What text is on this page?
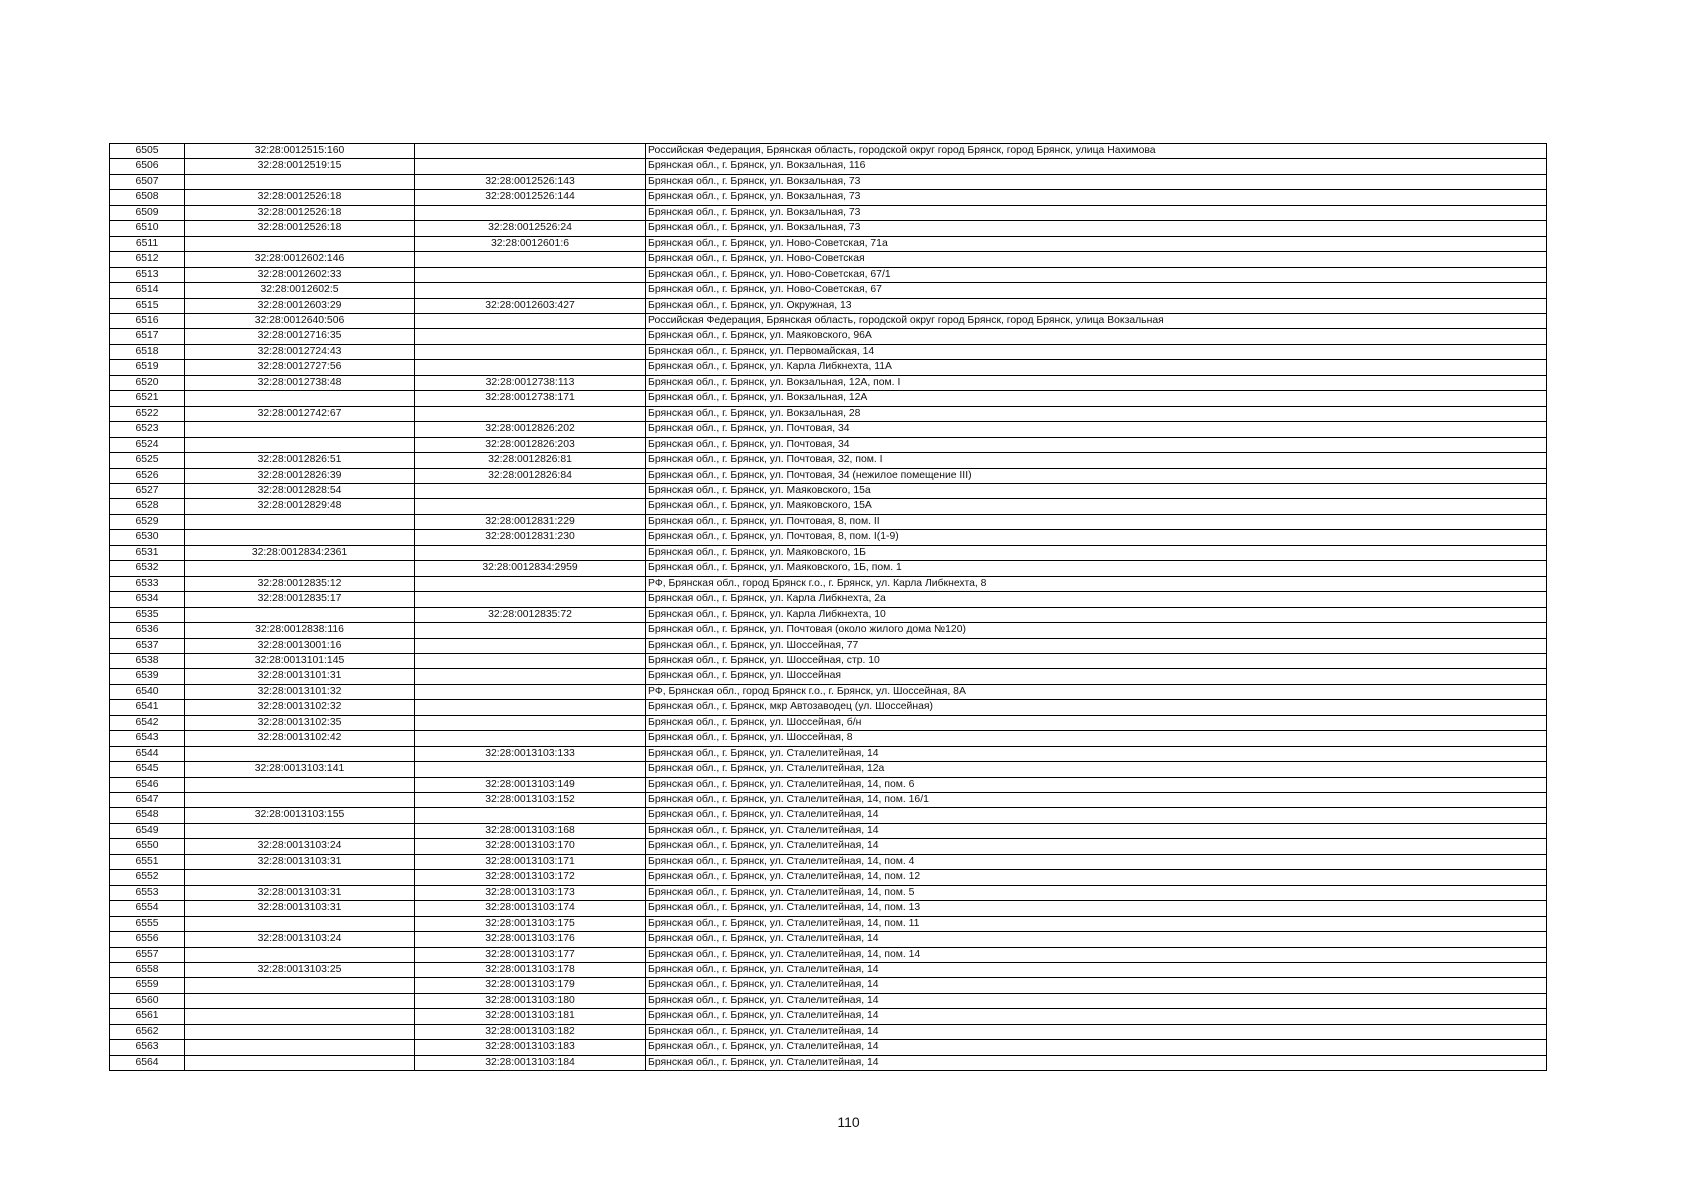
6505	32:28:0012515:160		Российская Федерация, Брянская область, городской округ город Брянск, город Брянск, улица Нахимова
6506	32:28:0012519:15		Брянская обл., г. Брянск, ул. Вокзальная, 116
6507		32:28:0012526:143	Брянская обл., г. Брянск, ул. Вокзальная, 73
6508	32:28:0012526:18	32:28:0012526:144	Брянская обл., г. Брянск, ул. Вокзальная, 73
6509	32:28:0012526:18		Брянская обл., г. Брянск, ул. Вокзальная, 73
6510	32:28:0012526:18	32:28:0012526:24	Брянская обл., г. Брянск, ул. Вокзальная, 73
6511		32:28:0012601:6	Брянская обл., г. Брянск, ул. Ново-Советская, 71а
6512	32:28:0012602:146		Брянская обл., г. Брянск, ул. Ново-Советская
6513	32:28:0012602:33		Брянская обл., г. Брянск, ул. Ново-Советская, 67/1
6514	32:28:0012602:5		Брянская обл., г. Брянск, ул. Ново-Советская, 67
6515	32:28:0012603:29	32:28:0012603:427	Брянская обл., г. Брянск, ул. Окружная, 13
6516	32:28:0012640:506		Российская Федерация, Брянская область, городской округ город Брянск, город Брянск, улица Вокзальная
6517	32:28:0012716:35		Брянская обл., г. Брянск, ул. Маяковского, 96А
6518	32:28:0012724:43		Брянская обл., г. Брянск, ул. Первомайская, 14
6519	32:28:0012727:56		Брянская обл., г. Брянск, ул. Карла Либкнехта, 11А
6520	32:28:0012738:48	32:28:0012738:113	Брянская обл., г. Брянск, ул. Вокзальная, 12А, пом. I
6521		32:28:0012738:171	Брянская обл., г. Брянск, ул. Вокзальная, 12А
6522	32:28:0012742:67		Брянская обл., г. Брянск, ул. Вокзальная, 28
6523		32:28:0012826:202	Брянская обл., г. Брянск, ул. Почтовая, 34
6524		32:28:0012826:203	Брянская обл., г. Брянск, ул. Почтовая, 34
6525	32:28:0012826:51	32:28:0012826:81	Брянская обл., г. Брянск, ул. Почтовая, 32, пом. I
6526	32:28:0012826:39	32:28:0012826:84	Брянская обл., г. Брянск, ул. Почтовая, 34 (нежилое помещение III)
6527	32:28:0012828:54		Брянская обл., г. Брянск, ул. Маяковского, 15а
6528	32:28:0012829:48		Брянская обл., г. Брянск, ул. Маяковского, 15А
6529		32:28:0012831:229	Брянская обл., г. Брянск, ул. Почтовая, 8, пом. II
6530		32:28:0012831:230	Брянская обл., г. Брянск, ул. Почтовая, 8, пом. I(1-9)
6531	32:28:0012834:2361		Брянская обл., г. Брянск, ул. Маяковского, 1Б
6532		32:28:0012834:2959	Брянская обл., г. Брянск, ул. Маяковского, 1Б, пом. 1
6533	32:28:0012835:12		РФ, Брянская обл., город Брянск г.о., г. Брянск, ул. Карла Либкнехта, 8
6534	32:28:0012835:17		Брянская обл., г. Брянск, ул. Карла Либкнехта, 2а
6535		32:28:0012835:72	Брянская обл., г. Брянск, ул. Карла Либкнехта, 10
6536	32:28:0012838:116		Брянская обл., г. Брянск, ул. Почтовая (около жилого дома №120)
6537	32:28:0013001:16		Брянская обл., г. Брянск, ул. Шоссейная, 77
6538	32:28:0013101:145		Брянская обл., г. Брянск, ул. Шоссейная, стр. 10
6539	32:28:0013101:31		Брянская обл., г. Брянск, ул. Шоссейная
6540	32:28:0013101:32		РФ, Брянская обл., город Брянск г.о., г. Брянск, ул. Шоссейная, 8А
6541	32:28:0013102:32		Брянская обл., г. Брянск, мкр Автозаводец (ул. Шоссейная)
6542	32:28:0013102:35		Брянская обл., г. Брянск, ул. Шоссейная, б/н
6543	32:28:0013102:42		Брянская обл., г. Брянск, ул. Шоссейная, 8
6544		32:28:0013103:133	Брянская обл., г. Брянск, ул. Сталелитейная, 14
6545	32:28:0013103:141		Брянская обл., г. Брянск, ул. Сталелитейная, 12а
6546		32:28:0013103:149	Брянская обл., г. Брянск, ул. Сталелитейная, 14, пом. 6
6547		32:28:0013103:152	Брянская обл., г. Брянск, ул. Сталелитейная, 14, пом. 16/1
6548	32:28:0013103:155		Брянская обл., г. Брянск, ул. Сталелитейная, 14
6549		32:28:0013103:168	Брянская обл., г. Брянск, ул. Сталелитейная, 14
6550	32:28:0013103:24	32:28:0013103:170	Брянская обл., г. Брянск, ул. Сталелитейная, 14
6551	32:28:0013103:31	32:28:0013103:171	Брянская обл., г. Брянск, ул. Сталелитейная, 14, пом. 4
6552		32:28:0013103:172	Брянская обл., г. Брянск, ул. Сталелитейная, 14, пом. 12
6553	32:28:0013103:31	32:28:0013103:173	Брянская обл., г. Брянск, ул. Сталелитейная, 14, пом. 5
6554	32:28:0013103:31	32:28:0013103:174	Брянская обл., г. Брянск, ул. Сталелитейная, 14, пом. 13
6555		32:28:0013103:175	Брянская обл., г. Брянск, ул. Сталелитейная, 14, пом. 11
6556	32:28:0013103:24	32:28:0013103:176	Брянская обл., г. Брянск, ул. Сталелитейная, 14
6557		32:28:0013103:177	Брянская обл., г. Брянск, ул. Сталелитейная, 14, пом. 14
6558	32:28:0013103:25	32:28:0013103:178	Брянская обл., г. Брянск, ул. Сталелитейная, 14
6559		32:28:0013103:179	Брянская обл., г. Брянск, ул. Сталелитейная, 14
6560		32:28:0013103:180	Брянская обл., г. Брянск, ул. Сталелитейная, 14
6561		32:28:0013103:181	Брянская обл., г. Брянск, ул. Сталелитейная, 14
6562		32:28:0013103:182	Брянская обл., г. Брянск, ул. Сталелитейная, 14
6563		32:28:0013103:183	Брянская обл., г. Брянск, ул. Сталелитейная, 14
6564		32:28:0013103:184	Брянская обл., г. Брянск, ул. Сталелитейная, 14
110
